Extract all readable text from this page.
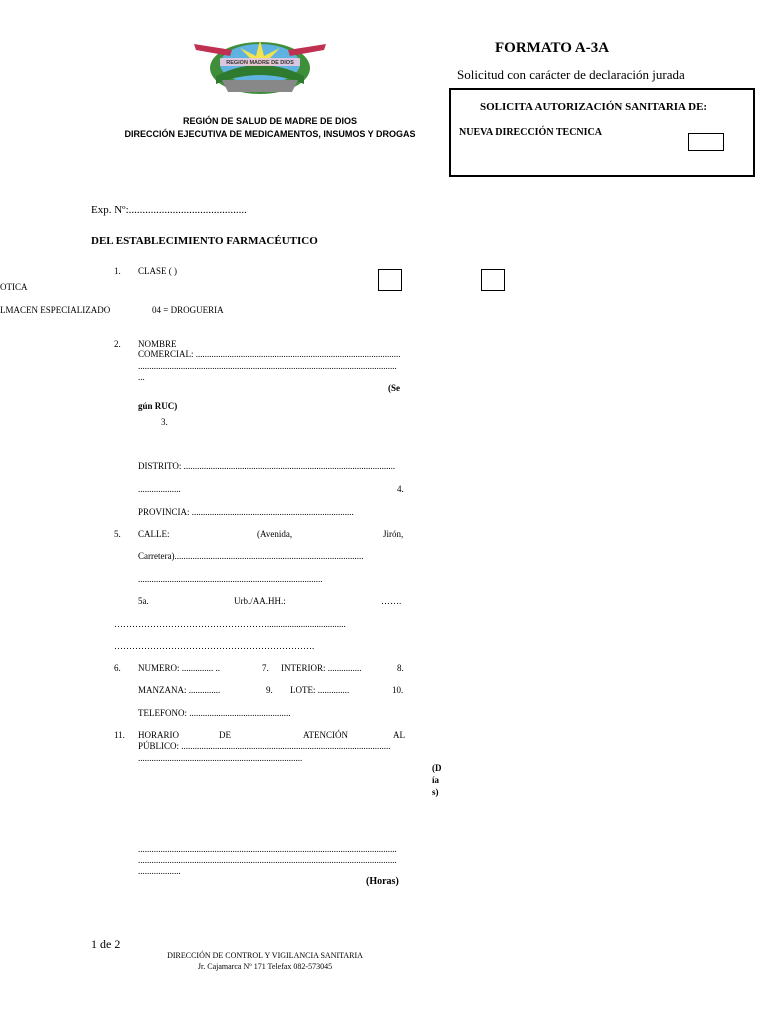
REGION MADRE DE DIOS
REGIÓN DE SALUD DE MADRE DE DIOS
DIRECCIÓN EJECUTIVA DE MEDICAMENTOS, INSUMOS Y DROGAS
FORMATO A-3A
Solicitud con carácter de declaración jurada
SOLICITA AUTORIZACIÓN SANITARIA DE:
NUEVA DIRECCIÓN TECNICA
Exp. Nº:...........................................
DEL ESTABLECIMIENTO FARMACÉUTICO
1. CLASE ( )
OTICA
LMACEN ESPECIALIZADO	04 = DROGUERIA
2. NOMBRE
COMERCIAL: ...........................................................................................
...................................................................................................................
...
(Se
gún RUC)
3.
DISTRITO: ..............................................................................................
...................	4.
PROVINCIA: ........................................................................
5. CALLE:	(Avenida,	Jirón,
Carretera)....................................................................................
..................................................................................
5a.	Urb./AA.HH.:	…….
……………………………………………...................................
………………………………………………………….
6. NUMERO: .............. ..	7. INTERIOR: ...............	8.
MANZANA: ..............	9. LOTE: ..............	10.
TELEFONO: .............................................
11. HORARIO	DE	ATENCIÓN	AL
PÚBLICO: .............................................................................................
.........................................................................
(Días)
...................................................................................................................
...................................................................................................................
...................
(Horas)
1 de 2
DIRECCIÓN DE CONTROL Y VIGILANCIA SANITARIA
Jr. Cajamarca Nº 171 Telefax 082-573045
